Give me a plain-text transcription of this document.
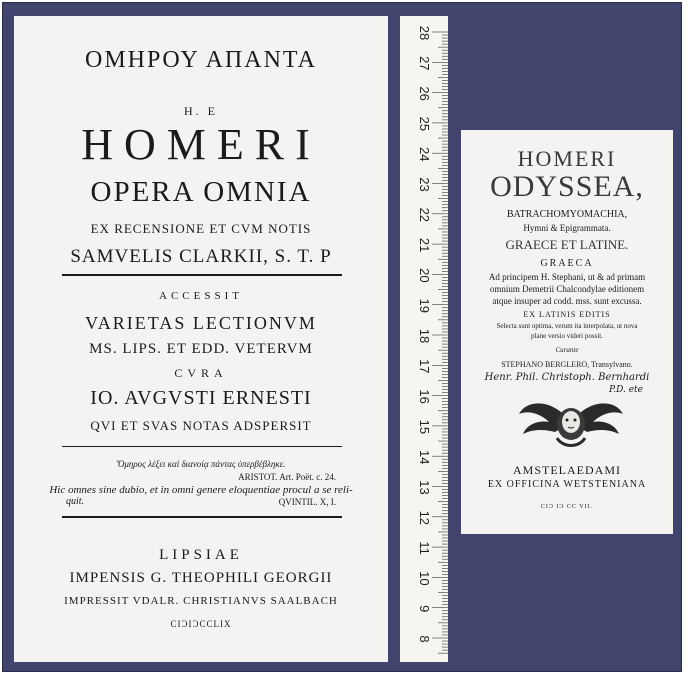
ΟΜΗΡΟΥ ΑΠΑΝΤΑ
H. E
HOMERI
OPERA OMNIA
EX RECENSIONE ET CVM NOTIS
SAMVELIS CLARKII, S. T. P
ACCESSIT
VARIETAS LECTIONVM
MS. LIPS. ET EDD. VETERVM
CVRA
IO. AVGVSTI ERNESTI
QVI ET SVAS NOTAS ADSPERSIT
Ὅμηρος λέξει καὶ διανοίᾳ πάντας ὑπερβέβληκε.
ARISTOT. Art. Poët. c. 24.
Hic omnes sine dubio, et in omni genere eloquentiae procul a se reli-
quit.	QVINTIL. X, I.
LIPSIAE
IMPENSIS G. THEOPHILI GEORGII
IMPRESSIT VDALR. CHRISTIANVS SAALBACH
CIƆIƆCCLIX
28
27
26
25
24
23
22
21
20
19
18
17
16
15
14
13
12
11
10
9
8
HOMERI
ODYSSEA,
BATRACHOMYOMACHIA,
Hymni & Epigrammata.
GRAECE ET LATINE.
GRAECA
Ad principem H. Stephani, ut & ad primam
omnium Demetrii Chalcondylae editionem
atque insuper ad codd. mss. sunt excussa.
EX LATINIS EDITIS
Selecta sunt optima, verum ita interpolata, ut nova
plane versio videri possit.
Curante
STEPHANO BERGLERO, Transylvano.
Henr. Phil. Christoph. Bernhardi
P.D. ete
AMSTELAEDAMI
EX OFFICINA WETSTENIANA
CIƆ IƆ CC VII.
